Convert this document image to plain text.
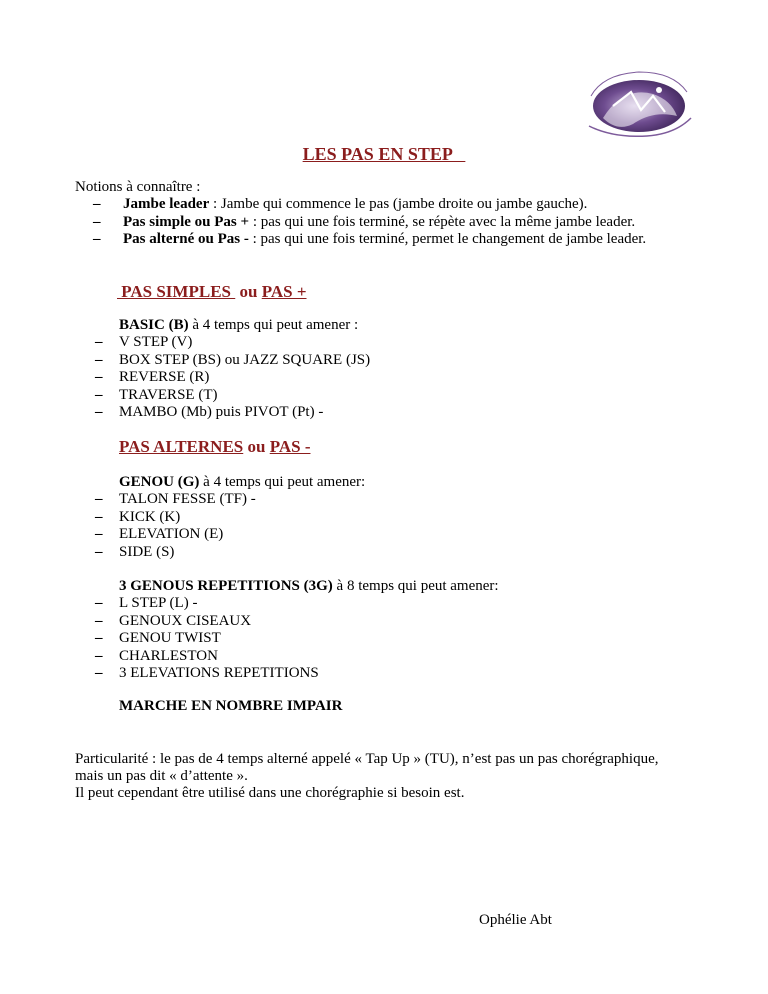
LES PAS EN STEP
Notions à connaître :
– Jambe leader : Jambe qui commence le pas (jambe droite ou jambe gauche).
– Pas simple ou Pas + : pas qui une fois terminé, se répète avec la même jambe leader.
– Pas alterné ou Pas - : pas qui une fois terminé, permet le changement de jambe leader.
PAS SIMPLES  ou PAS +
BASIC (B) à 4 temps qui peut amener :
– V STEP (V)
– BOX STEP (BS) ou JAZZ SQUARE (JS)
– REVERSE (R)
– TRAVERSE (T)
– MAMBO (Mb) puis PIVOT (Pt) -
PAS ALTERNES ou PAS -
GENOU (G) à 4 temps qui peut amener:
– TALON FESSE (TF) -
– KICK (K)
– ELEVATION (E)
– SIDE (S)
3 GENOUS REPETITIONS (3G) à 8 temps qui peut amener:
– L STEP (L) -
– GENOUX CISEAUX
– GENOU TWIST
– CHARLESTON
– 3 ELEVATIONS REPETITIONS
MARCHE EN NOMBRE IMPAIR
Particularité : le pas de 4 temps alterné appelé « Tap Up » (TU), n’est pas un pas chorégraphique,
mais un pas dit « d’attente ».
Il peut cependant être utilisé dans une chorégraphie si besoin est.
Ophélie Abt
